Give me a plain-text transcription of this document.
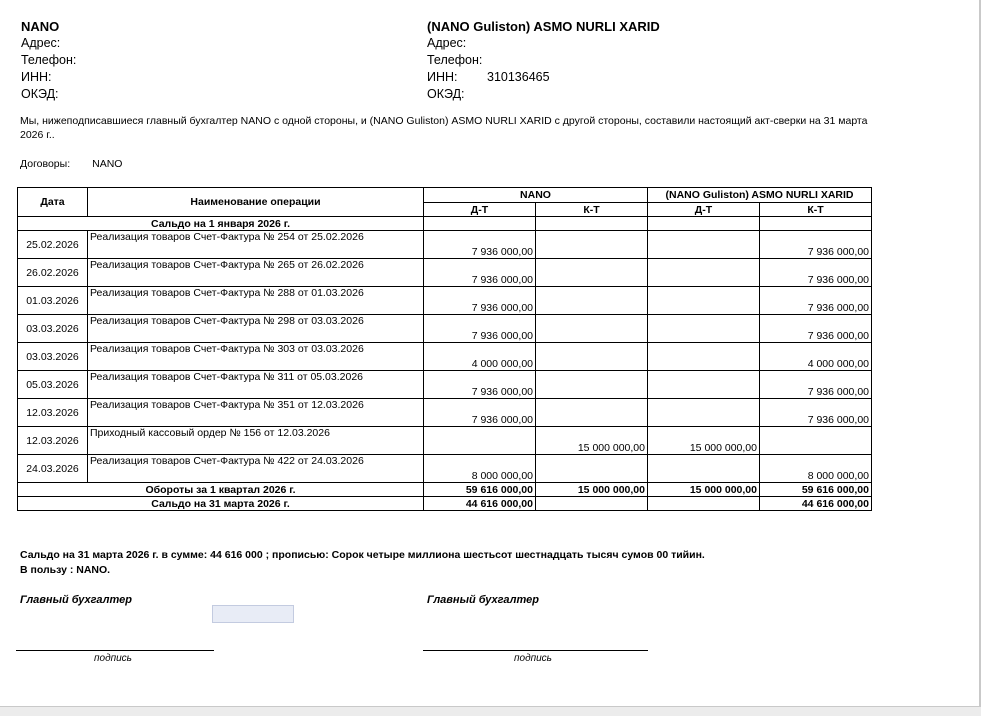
NANO
Адрес:
Телефон:
ИНН:
ОКЭД:
(NANO Guliston) ASMO NURLI XARID
Адрес:
Телефон:
ИНН:	310136465
ОКЭД:
Мы, нижеподписавшиеся главный бухгалтер NANO с одной стороны, и (NANO Guliston) ASMO NURLI XARID с другой стороны, составили настоящий акт-сверки на 31 марта 2026 г..
Договоры: NANO
Дата	Наименование операции	NANO		(NANO Guliston) ASMO NURLI XARID	
		Д-Т	К-Т	Д-Т	К-Т
Сальдо на 1 января 2026 г.					
25.02.2026	Реализация товаров Счет-Фактура № 254 от 25.02.2026	7 936 000,00			7 936 000,00
26.02.2026	Реализация товаров Счет-Фактура № 265 от 26.02.2026	7 936 000,00			7 936 000,00
01.03.2026	Реализация товаров Счет-Фактура № 288 от 01.03.2026	7 936 000,00			7 936 000,00
03.03.2026	Реализация товаров Счет-Фактура № 298 от 03.03.2026	7 936 000,00			7 936 000,00
03.03.2026	Реализация товаров Счет-Фактура № 303 от 03.03.2026	4 000 000,00			4 000 000,00
05.03.2026	Реализация товаров Счет-Фактура № 311 от 05.03.2026	7 936 000,00			7 936 000,00
12.03.2026	Реализация товаров Счет-Фактура № 351 от 12.03.2026	7 936 000,00			7 936 000,00
12.03.2026	Приходный кассовый ордер № 156 от 12.03.2026		15 000 000,00	15 000 000,00	
24.03.2026	Реализация товаров Счет-Фактура № 422 от 24.03.2026	8 000 000,00			8 000 000,00
Обороты за 1 квартал 2026 г.		59 616 000,00	15 000 000,00	15 000 000,00	59 616 000,00
Сальдо на 31 марта 2026 г.		44 616 000,00			44 616 000,00
Сальдо на 31 марта 2026 г. в сумме: 44 616 000 ; прописью: Сорок четыре миллиона шестьсот шестнадцать тысяч сумов 00 тийин.
В пользу : NANO.
Главный бухгалтер	Главный бухгалтер
подпись	подпись
